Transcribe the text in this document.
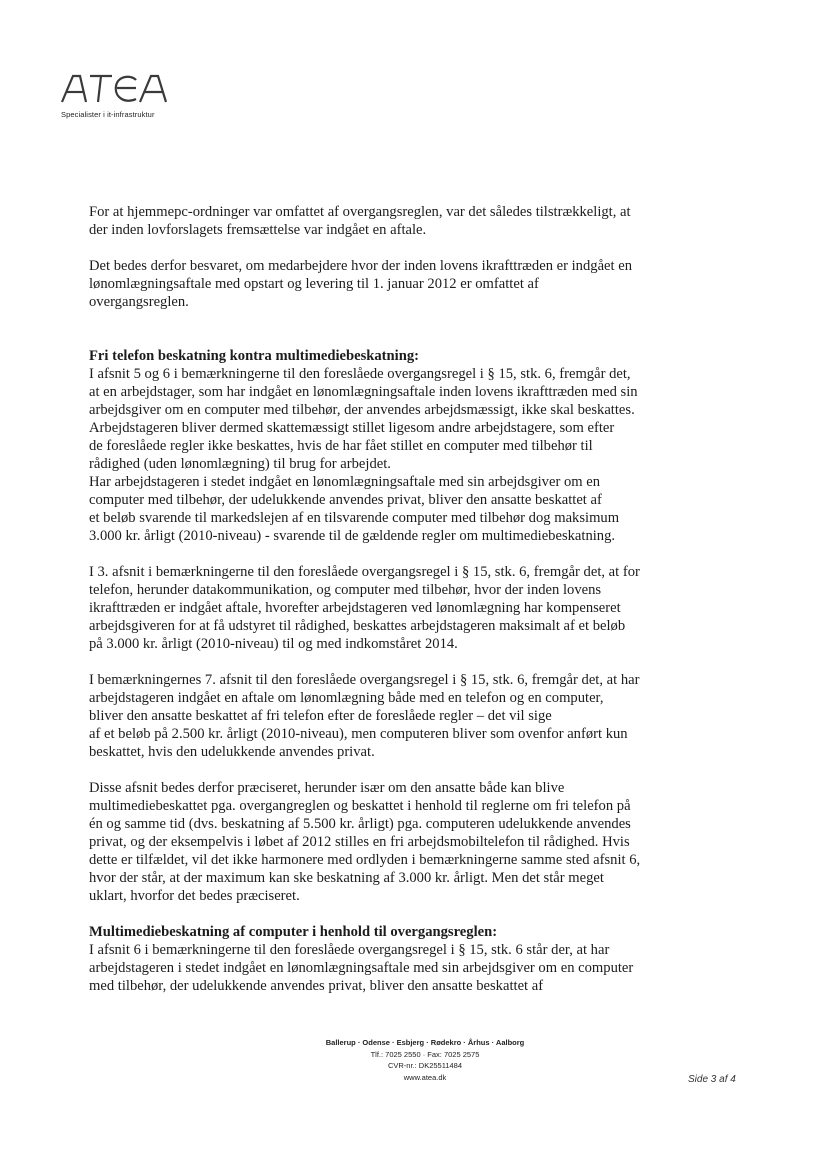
Specialister i it-infrastruktur

For at hjemmepc-ordninger var omfattet af overgangsreglen, var det således tilstrækkeligt, at
der inden lovforslagets fremsættelse var indgået en aftale.

Det bedes derfor besvaret, om medarbejdere hvor der inden lovens ikrafttræden er indgået en
lønomlægningsaftale med opstart og levering til 1. januar 2012 er omfattet af
overgangsreglen.

Fri telefon beskatning kontra multimediebeskatning:
I afsnit 5 og 6 i bemærkningerne til den foreslåede overgangsregel i § 15, stk. 6, fremgår det,
at en arbejdstager, som har indgået en lønomlægningsaftale inden lovens ikrafttræden med sin
arbejdsgiver om en computer med tilbehør, der anvendes arbejdsmæssigt, ikke skal beskattes.
Arbejdstageren bliver dermed skattemæssigt stillet ligesom andre arbejdstagere, som efter
de foreslåede regler ikke beskattes, hvis de har fået stillet en computer med tilbehør til
rådighed (uden lønomlægning) til brug for arbejdet.
Har arbejdstageren i stedet indgået en lønomlægningsaftale med sin arbejdsgiver om en
computer med tilbehør, der udelukkende anvendes privat, bliver den ansatte beskattet af
et beløb svarende til markedslejen af en tilsvarende computer med tilbehør dog maksimum
3.000 kr. årligt (2010-niveau) - svarende til de gældende regler om multimediebeskatning.

I 3. afsnit i bemærkningerne til den foreslåede overgangsregel i § 15, stk. 6, fremgår det, at for
telefon, herunder datakommunikation, og computer med tilbehør, hvor der inden lovens
ikrafttræden er indgået aftale, hvorefter arbejdstageren ved lønomlægning har kompenseret
arbejdsgiveren for at få udstyret til rådighed, beskattes arbejdstageren maksimalt af et beløb
på 3.000 kr. årligt (2010-niveau) til og med indkomståret 2014.

I bemærkningernes 7. afsnit til den foreslåede overgangsregel i § 15, stk. 6, fremgår det, at har
arbejdstageren indgået en aftale om lønomlægning både med en telefon og en computer,
bliver den ansatte beskattet af fri telefon efter de foreslåede regler – det vil sige
af et beløb på 2.500 kr. årligt (2010-niveau), men computeren bliver som ovenfor anført kun
beskattet, hvis den udelukkende anvendes privat.

Disse afsnit bedes derfor præciseret, herunder især om den ansatte både kan blive
multimediebeskattet pga. overgangreglen og beskattet i henhold til reglerne om fri telefon på
én og samme tid (dvs. beskatning af 5.500 kr. årligt) pga. computeren udelukkende anvendes
privat, og der eksempelvis i løbet af 2012 stilles en fri arbejdsmobiltelefon til rådighed. Hvis
dette er tilfældet, vil det ikke harmonere med ordlyden i bemærkningerne samme sted afsnit 6,
hvor der står, at der maximum kan ske beskatning af 3.000 kr. årligt. Men det står meget
uklart, hvorfor det bedes præciseret.

Multimediebeskatning af computer i henhold til overgangsreglen:
I afsnit 6 i bemærkningerne til den foreslåede overgangsregel i § 15, stk. 6 står der, at har
arbejdstageren i stedet indgået en lønomlægningsaftale med sin arbejdsgiver om en computer
med tilbehør, der udelukkende anvendes privat, bliver den ansatte beskattet af

Ballerup · Odense · Esbjerg · Rødekro · Århus · Aalborg
Tlf.: 7025 2550 · Fax: 7025 2575
CVR-nr.: DK25511484
www.atea.dk	Side 3 af 4
